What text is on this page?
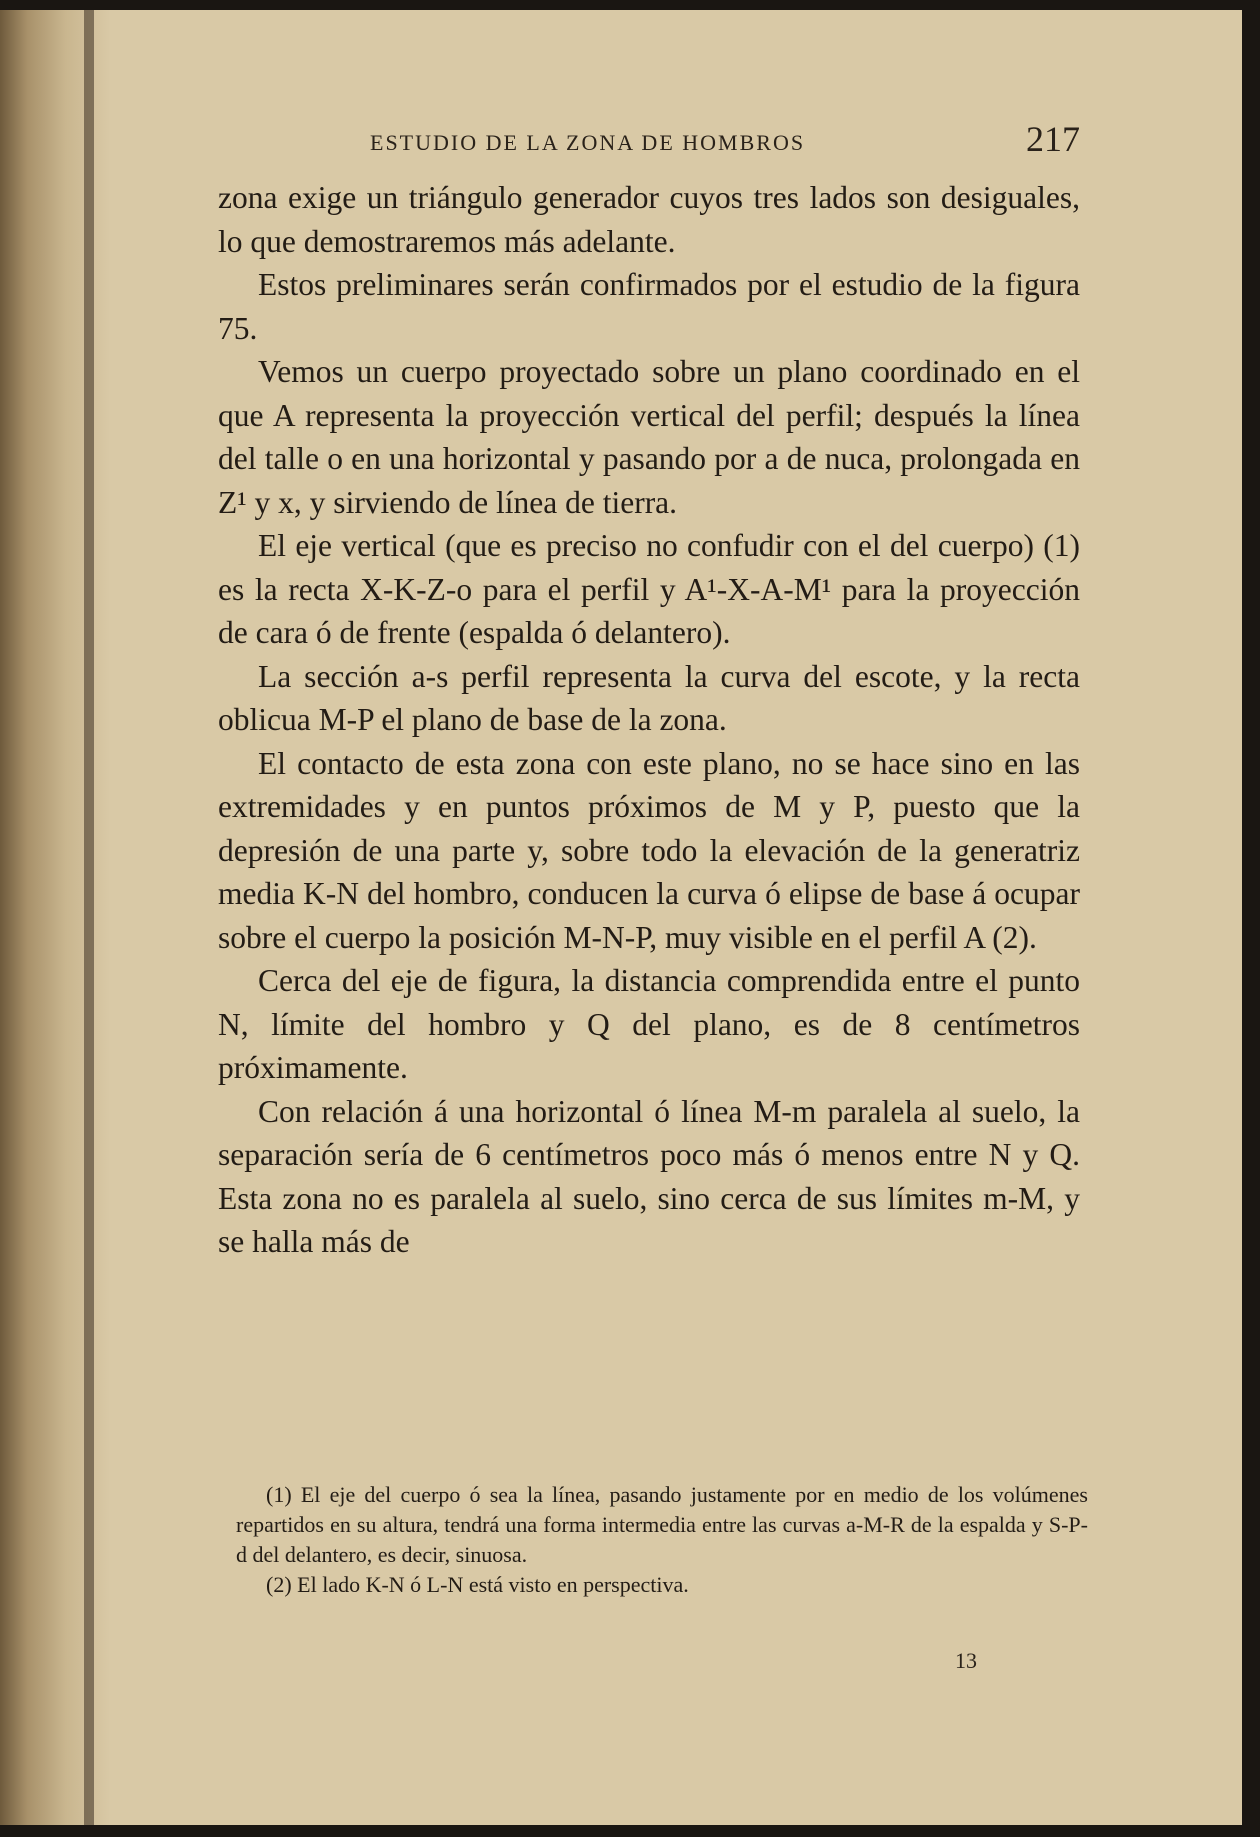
ESTUDIO DE LA ZONA DE HOMBROS	217

zona exige un triángulo generador cuyos tres lados son desiguales, lo que demostraremos más adelante.

Estos preliminares serán confirmados por el estudio de la figura 75.

Vemos un cuerpo proyectado sobre un plano coordinado en el que A representa la proyección vertical del perfil; después la línea del talle o en una horizontal y pasando por a de nuca, prolongada en Z¹ y x, y sirviendo de línea de tierra.

El eje vertical (que es preciso no confudir con el del cuerpo) (1) es la recta X-K-Z-o para el perfil y A¹-X-A-M¹ para la proyección de cara ó de frente (espalda ó delantero).

La sección a-s perfil representa la curva del escote, y la recta oblicua M-P el plano de base de la zona.

El contacto de esta zona con este plano, no se hace sino en las extremidades y en puntos próximos de M y P, puesto que la depresión de una parte y, sobre todo la elevación de la generatriz media K-N del hombro, conducen la curva ó elipse de base á ocupar sobre el cuerpo la posición M-N-P, muy visible en el perfil A (2).

Cerca del eje de figura, la distancia comprendida entre el punto N, límite del hombro y Q del plano, es de 8 centímetros próximamente.

Con relación á una horizontal ó línea M-m paralela al suelo, la separación sería de 6 centímetros poco más ó menos entre N y Q. Esta zona no es paralela al suelo, sino cerca de sus límites m-M, y se halla más de

(1) El eje del cuerpo ó sea la línea, pasando justamente por en medio de los volúmenes repartidos en su altura, tendrá una forma intermedia entre las curvas a-M-R de la espalda y S-P-d del delantero, es decir, sinuosa.

(2) El lado K-N ó L-N está visto en perspectiva.

13
